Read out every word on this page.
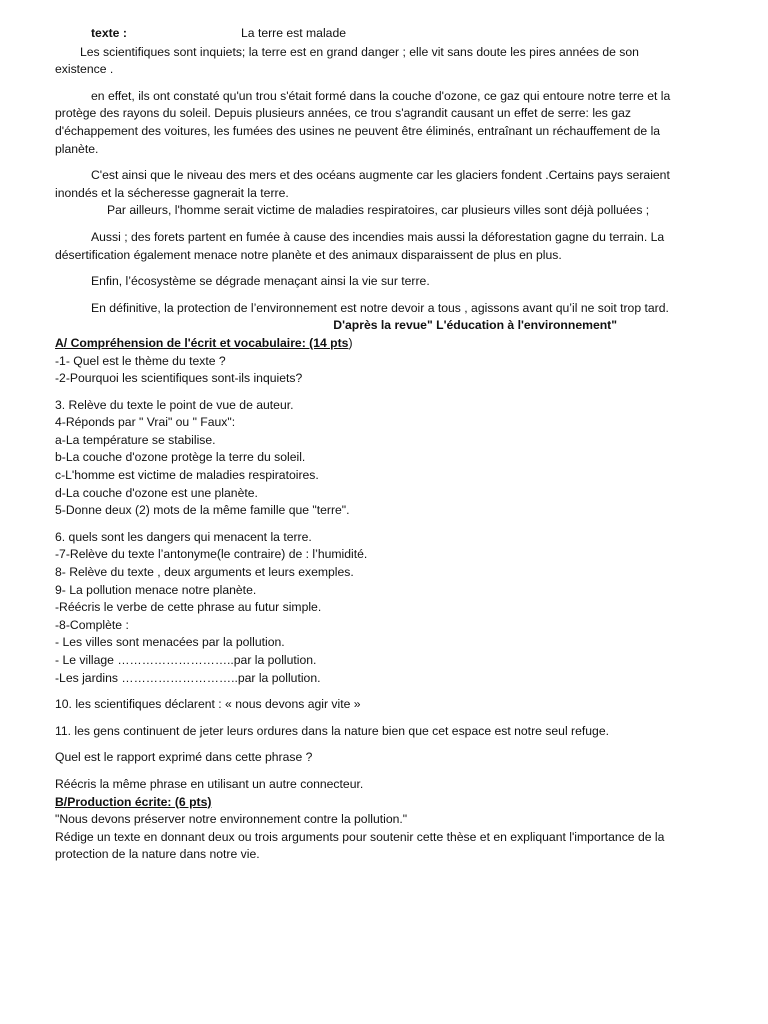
texte :	La terre est malade
Les scientifiques sont inquiets; la terre est en grand danger ; elle vit sans doute les pires années de son existence .
en effet, ils ont constaté qu'un trou s'était formé dans la couche d'ozone, ce gaz qui entoure notre terre et la protège des rayons du soleil. Depuis plusieurs années, ce trou s'agrandit causant un effet de serre: les gaz d'échappement des voitures, les fumées des usines ne peuvent être éliminés, entraînant un réchauffement de la planète.
C'est ainsi que le niveau des mers et des océans augmente car les glaciers fondent .Certains pays seraient inondés et la sécheresse gagnerait la terre.
Par ailleurs, l'homme serait victime de maladies respiratoires, car plusieurs villes sont déjà polluées ;
Aussi ; des forets partent en fumée à cause des incendies mais aussi la déforestation gagne du terrain. La désertification également menace notre planète et des animaux disparaissent de plus en plus.
Enfin, l’écosystème se dégrade menaçant ainsi la vie sur terre.
En définitive, la protection de l’environnement est notre devoir a tous , agissons avant qu’il ne soit trop tard.
D'après la revue" L'éducation à l'environnement"
A/ Compréhension de l'écrit et vocabulaire: (14 pts)
-1- Quel est le thème du texte ?
-2-Pourquoi les scientifiques sont-ils inquiets?
3. Relève du texte le point de vue de auteur.
4-Réponds par " Vrai" ou " Faux":
a-La température se stabilise.
b-La couche d'ozone protège la terre du soleil.
c-L'homme est victime de maladies respiratoires.
d-La couche d'ozone est une planète.
5-Donne deux (2) mots de la même famille que "terre".
6. quels sont les dangers qui menacent la terre.
-7-Relève du texte l’antonyme(le contraire) de : l’humidité.
8- Relève du texte , deux arguments et leurs exemples.
9- La pollution menace notre planète.
-Réécris le verbe de cette phrase au futur simple.
-8-Complète :
- Les villes sont menacées par la pollution.
- Le village ………………………..par la pollution.
-Les jardins ………………………..par la pollution.
10. les scientifiques déclarent : « nous devons agir vite »
11. les gens continuent de jeter leurs ordures dans la nature bien que cet espace est notre seul refuge.
Quel est le rapport exprimé dans cette phrase ?
Réécris la même phrase en utilisant un autre connecteur.
B/Production écrite: (6 pts)
"Nous devons préserver notre environnement contre la pollution."
Rédige un texte en donnant deux ou trois arguments pour soutenir cette thèse et en expliquant l'importance de la protection de la nature dans notre vie.
